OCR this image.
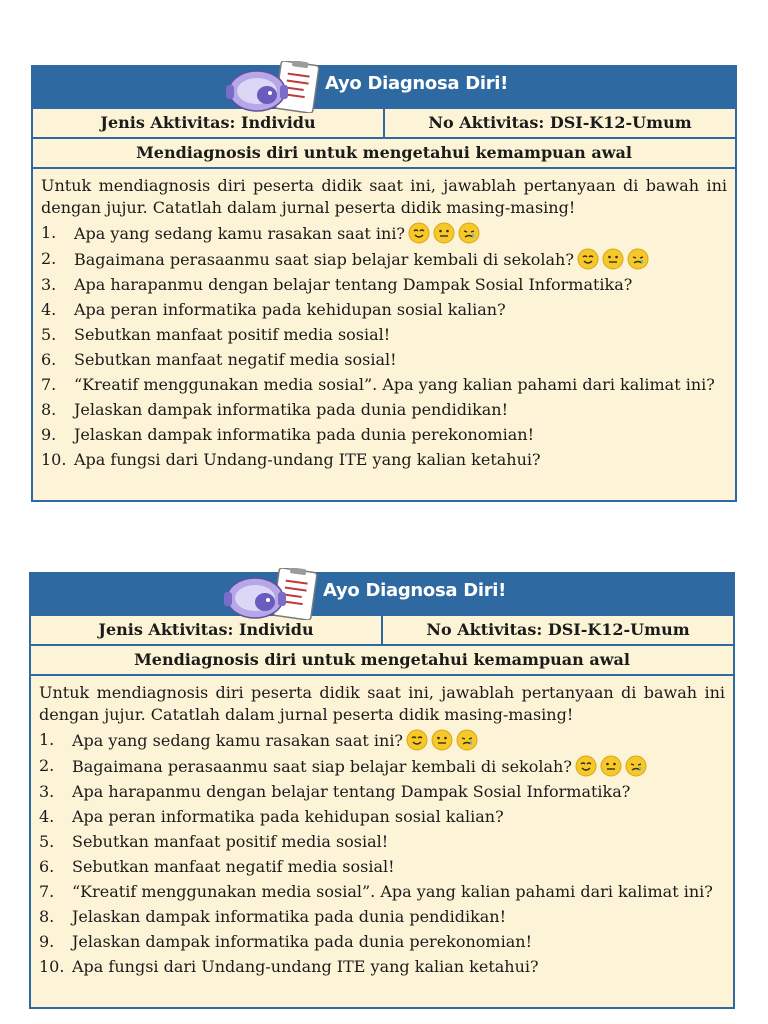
Ayo Diagnosa Diri!
Jenis Aktivitas: Individu	No Aktivitas: DSI-K12-Umum
Mendiagnosis diri untuk mengetahui kemampuan awal
Untuk mendiagnosis diri peserta didik saat ini, jawablah pertanyaan di bawah ini dengan jujur. Catatlah dalam jurnal peserta didik masing-masing!
1.	Apa yang sedang kamu rasakan saat ini?
2.	Bagaimana perasaanmu saat siap belajar kembali di sekolah?
3.	Apa harapanmu dengan belajar tentang Dampak Sosial Informatika?
4.	Apa peran informatika pada kehidupan sosial kalian?
5.	Sebutkan manfaat positif media sosial!
6.	Sebutkan manfaat negatif media sosial!
7.	“Kreatif menggunakan media sosial”. Apa yang kalian pahami dari kalimat ini?
8.	Jelaskan dampak informatika pada dunia pendidikan!
9.	Jelaskan dampak informatika pada dunia perekonomian!
10. Apa fungsi dari Undang-undang ITE yang kalian ketahui?
Ayo Diagnosa Diri!
Jenis Aktivitas: Individu	No Aktivitas: DSI-K12-Umum
Mendiagnosis diri untuk mengetahui kemampuan awal
Untuk mendiagnosis diri peserta didik saat ini, jawablah pertanyaan di bawah ini dengan jujur. Catatlah dalam jurnal peserta didik masing-masing!
1.	Apa yang sedang kamu rasakan saat ini?
2.	Bagaimana perasaanmu saat siap belajar kembali di sekolah?
3.	Apa harapanmu dengan belajar tentang Dampak Sosial Informatika?
4.	Apa peran informatika pada kehidupan sosial kalian?
5.	Sebutkan manfaat positif media sosial!
6.	Sebutkan manfaat negatif media sosial!
7.	“Kreatif menggunakan media sosial”. Apa yang kalian pahami dari kalimat ini?
8.	Jelaskan dampak informatika pada dunia pendidikan!
9.	Jelaskan dampak informatika pada dunia perekonomian!
10. Apa fungsi dari Undang-undang ITE yang kalian ketahui?
